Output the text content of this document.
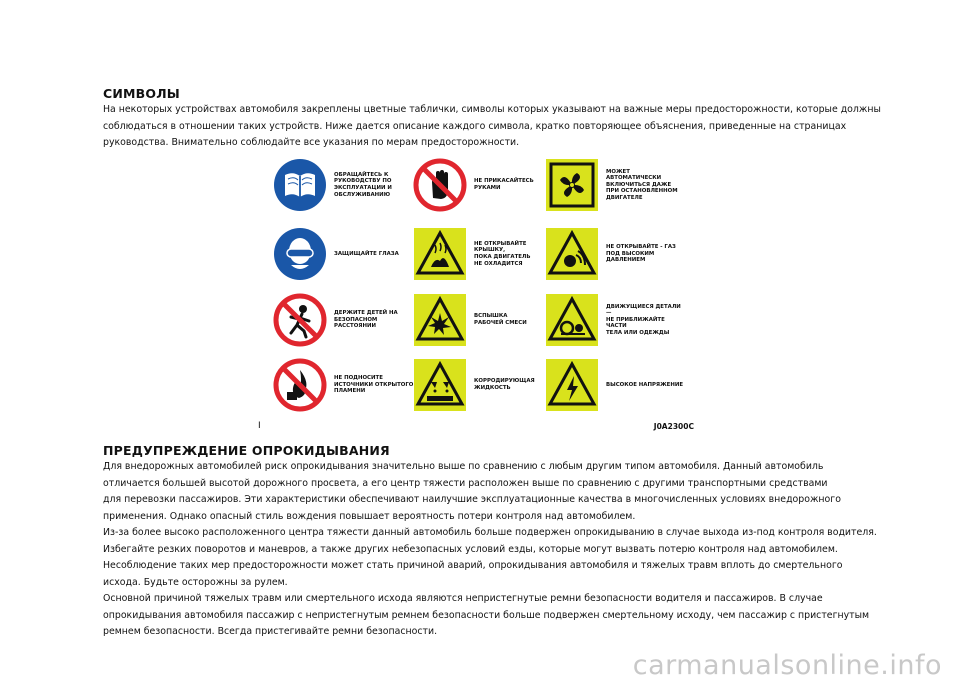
СИМВОЛЫ
На некоторых устройствах автомобиля закреплены цветные таблички, символы которых указывают на важные меры предосторожности, которые должны
соблюдаться в отношении таких устройств. Ниже дается описание каждого символа, кратко повторяющее объяснения, приведенные на страницах
руководства. Внимательно соблюдайте все указания по мерам предосторожности.
ОБРАЩАЙТЕСЬ К
РУКОВОДСТВУ ПО
ЭКСПЛУАТАЦИИ И
ОБСЛУЖИВАНИЮ
ЗАЩИЩАЙТЕ ГЛАЗА
ДЕРЖИТЕ ДЕТЕЙ НА
БЕЗОПАСНОМ
РАССТОЯНИИ
НЕ ПОДНОСИТЕ
ИСТОЧНИКИ ОТКРЫТОГО
ПЛАМЕНИ
НЕ ПРИКАСАЙТЕСЬ
РУКАМИ
НЕ ОТКРЫВАЙТЕ КРЫШКУ,
ПОКА ДВИГАТЕЛЬ
НЕ ОХЛАДИТСЯ
ВСПЫШКА
РАБОЧЕЙ СМЕСИ
КОРРОДИРУЮЩАЯ
ЖИДКОСТЬ
МОЖЕТ АВТОМАТИЧЕСКИ
ВКЛЮЧИТЬСЯ ДАЖЕ
ПРИ ОСТАНОВЛЕННОМ
ДВИГАТЕЛЕ
НЕ ОТКРЫВАЙТЕ - ГАЗ
ПОД ВЫСОКИМ
ДАВЛЕНИЕМ
ДВИЖУЩИЕСЯ ДЕТАЛИ —
НЕ ПРИБЛИЖАЙТЕ ЧАСТИ
ТЕЛА ИЛИ ОДЕЖДЫ
ВЫСОКОЕ НАПРЯЖЕНИЕ
I	J0A2300C
ПРЕДУПРЕЖДЕНИЕ ОПРОКИДЫВАНИЯ
Для внедорожных автомобилей риск опрокидывания значительно выше по сравнению с любым другим типом автомобиля. Данный автомобиль
отличается большей высотой дорожного просвета, а его центр тяжести расположен выше по сравнению с другими транспортными средствами
для перевозки пассажиров. Эти характеристики обеспечивают наилучшие эксплуатационные качества в многочисленных условиях внедорожного
применения. Однако опасный стиль вождения повышает вероятность потери контроля над автомобилем.
Из-за более высоко расположенного центра тяжести данный автомобиль больше подвержен опрокидыванию в случае выхода из-под контроля водителя.
Избегайте резких поворотов и маневров, а также других небезопасных условий езды, которые могут вызвать потерю контроля над автомобилем.
Несоблюдение таких мер предосторожности может стать причиной аварий, опрокидывания автомобиля и тяжелых травм вплоть до смертельного
исхода. Будьте осторожны за рулем.
Основной причиной тяжелых травм или смертельного исхода являются непристегнутые ремни безопасности водителя и пассажиров. В случае
опрокидывания автомобиля пассажир с непристегнутым ремнем безопасности больше подвержен смертельному исходу, чем пассажир с пристегнутым
ремнем безопасности. Всегда пристегивайте ремни безопасности.
carmanualsonline.info
